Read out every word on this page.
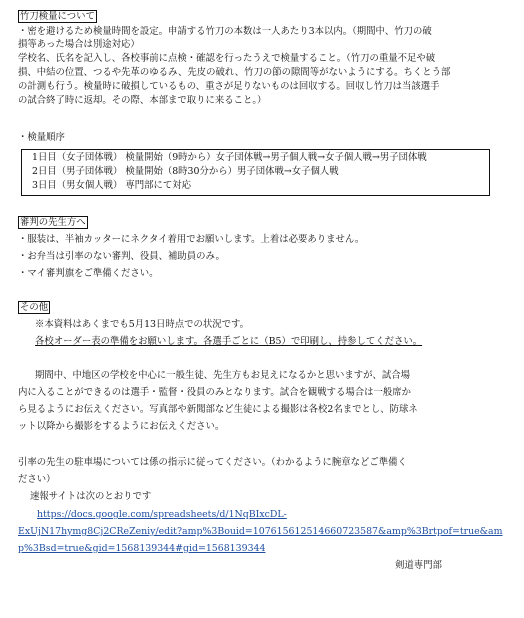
竹刀検量について
・密を避けるため検量時間を設定。申請する竹刀の本数は一人あたり3本以内。（期間中、竹刀の破
損等あった場合は別途対応）
学校名、氏名を記入し、各校事前に点検・確認を行ったうえで検量すること。（竹刀の重量不足や破
損、中結の位置、つるや先革のゆるみ、先皮の破れ、竹刀の節の隙間等がないようにする。ちくとう部
の計測も行う。検量時に破損しているもの、重さが足りないものは回収する。回収し竹刀は当該選手
の試合終了時に返却。その際、本部まで取りに来ること。）
・検量順序
1日目（女子団体戦） 検量開始（9時から）女子団体戦→男子個人戦→女子個人戦→男子団体戦
2日目（男子団体戦） 検量開始（8時30分から）男子団体戦→女子個人戦
3日目（男女個人戦） 専門部にて対応
審判の先生方へ
・服装は、半袖カッターにネクタイ着用でお願いします。上着は必要ありません。
・お弁当は引率のない審判、役員、補助員のみ。
・マイ審判旗をご準備ください。
その他
※本資料はあくまでも5月13日時点での状況です。
各校オーダー表の準備をお願いします。各選手ごとに（B5）で印刷し、持参してください。
期間中、中地区の学校を中心に一般生徒、先生方もお見えになるかと思いますが、試合場
内に入ることができるのは選手・監督・役員のみとなります。試合を観戦する場合は一般席か
ら見るようにお伝えください。写真部や新聞部など生徒による撮影は各校2名までとし、防球ネ
ット以降から撮影をするようにお伝えください。
引率の先生の駐車場については係の指示に従ってください。（わかるように腕章などご準備く
ださい）
速報サイトは次のとおりです
https://docs.google.com/spreadsheets/d/1NqBIxcDL-
ExUjN17hymg8Cj2CReZeniy/edit?amp%3Bouid=107615612514660723587&amp%3Brtpof=true&am
p%3Bsd=true&gid=1568139344#gid=1568139344
剣道専門部
